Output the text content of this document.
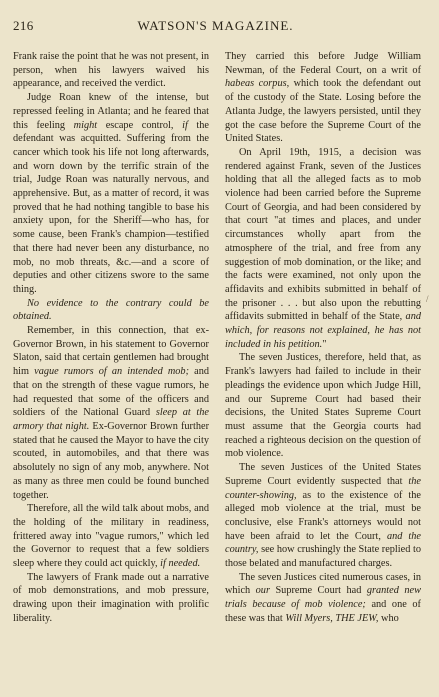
216	WATSON'S MAGAZINE.

Frank raise the point that he was not present, in person, when his lawyers waived his appearance, and received the verdict.

Judge Roan knew of the intense, but repressed feeling in Atlanta; and he feared that this feeling might escape control, if the defendant was acquitted. Suffering from the cancer which took his life not long afterwards, and worn down by the terrific strain of the trial, Judge Roan was naturally nervous, and apprehensive. But, as a matter of record, it was proved that he had nothing tangible to base his anxiety upon, for the Sheriff—who has, for some cause, been Frank's champion—testified that there had never been any disturbance, no mob, no mob threats, &c.—and a score of deputies and other citizens swore to the same thing.

No evidence to the contrary could be obtained.

Remember, in this connection, that ex-Governor Brown, in his statement to Governor Slaton, said that certain gentlemen had brought him vague rumors of an intended mob; and that on the strength of these vague rumors, he had requested that some of the officers and soldiers of the National Guard sleep at the armory that night. Ex-Governor Brown further stated that he caused the Mayor to have the city scouted, in automobiles, and that there was absolutely no sign of any mob, anywhere. Not as many as three men could be found bunched together.

Therefore, all the wild talk about mobs, and the holding of the military in readiness, frittered away into "vague rumors," which led the Governor to request that a few soldiers sleep where they could act quickly, if needed.

The lawyers of Frank made out a narrative of mob demonstrations, and mob pressure, drawing upon their imagination with prolific liberality.

They carried this before Judge William Newman, of the Federal Court, on a writ of habeas corpus, which took the defendant out of the custody of the State. Losing before the Atlanta Judge, the lawyers persisted, until they got the case before the Supreme Court of the United States.

On April 19th, 1915, a decision was rendered against Frank, seven of the Justices holding that all the alleged facts as to mob violence had been carried before the Supreme Court of Georgia, and had been considered by that court "at times and places, and under circumstances wholly apart from the atmosphere of the trial, and free from any suggestion of mob domination, or the like; and the facts were examined, not only upon the affidavits and exhibits submitted in behalf of the prisoner . . . but also upon the rebutting affidavits submitted in behalf of the State, and which, for reasons not explained, he has not included in his petition."

The seven Justices, therefore, held that, as Frank's lawyers had failed to include in their pleadings the evidence upon which Judge Hill, and our Supreme Court had based their decisions, the United States Supreme Court must assume that the Georgia courts had reached a righteous decision on the question of mob violence.

The seven Justices of the United States Supreme Court evidently suspected that the counter-showing, as to the existence of the alleged mob violence at the trial, must be conclusive, else Frank's attorneys would not have been afraid to let the Court, and the country, see how crushingly the State replied to those belated and manufactured charges.

The seven Justices cited numerous cases, in which our Supreme Court had granted new trials because of mob violence; and one of these was that Will Myers, THE JEW, who

/
